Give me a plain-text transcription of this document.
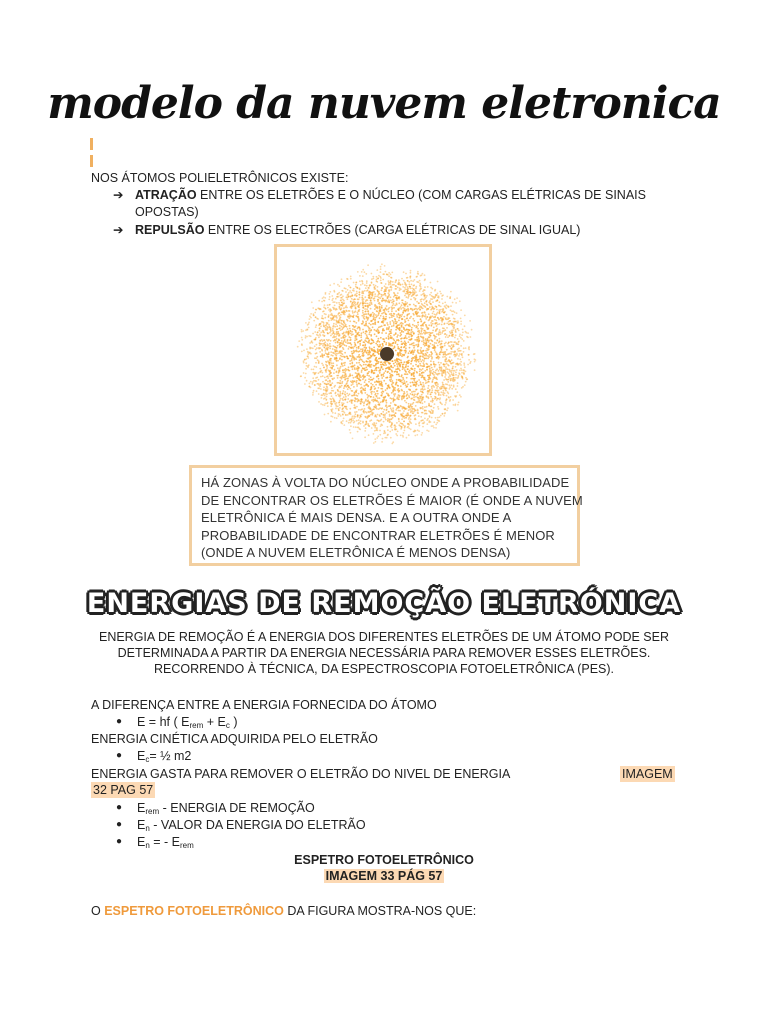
modelo da nuvem eletronica
NOS ÁTOMOS POLIELETRÔNICOS EXISTE:
➔ ATRAÇÃO ENTRE OS ELETRÕES E O NÚCLEO (COM CARGAS ELÉTRICAS DE SINAIS
OPOSTAS)
➔ REPULSÃO ENTRE OS ELECTRÕES (CARGA ELÉTRICAS DE SINAL IGUAL)
HÁ ZONAS À VOLTA DO NÚCLEO ONDE A PROBABILIDADE
DE ENCONTRAR OS ELETRÕES É MAIOR (É ONDE A NUVEM
ELETRÔNICA É MAIS DENSA. E A OUTRA ONDE A
PROBABILIDADE DE ENCONTRAR ELETRÕES É MENOR
(ONDE A NUVEM ELETRÔNICA É MENOS DENSA)
ENERGIAS DE REMOÇÃO ELETRÓNICA
ENERGIA DE REMOÇÃO É A ENERGIA DOS DIFERENTES ELETRÕES DE UM ÁTOMO PODE SER
DETERMINADA A PARTIR DA ENERGIA NECESSÁRIA PARA REMOVER ESSES ELETRÕES.
RECORRENDO À TÉCNICA, DA ESPECTROSCOPIA FOTOELETRÔNICA (PES).
A DIFERENÇA ENTRE A ENERGIA FORNECIDA DO ÁTOMO
● E = hf ( $E_{rem} + E_c$ )
ENERGIA CINÉTICA ADQUIRIDA PELO ELETRÃO
● $E_c=$ ½ m2
ENERGIA GASTA PARA REMOVER O ELETRÃO DO NIVEL DE ENERGIA	IMAGEM
32 PAG 57
● $E_{rem}$ - ENERGIA DE REMOÇÃO
● $E_n$ - VALOR DA ENERGIA DO ELETRÃO
● $E_n$ = - $E_{rem}$
ESPETRO FOTOELETRÔNICO
IMAGEM 33 PÁG 57
O ESPETRO FOTOELETRÔNICO DA FIGURA MOSTRA-NOS QUE:
